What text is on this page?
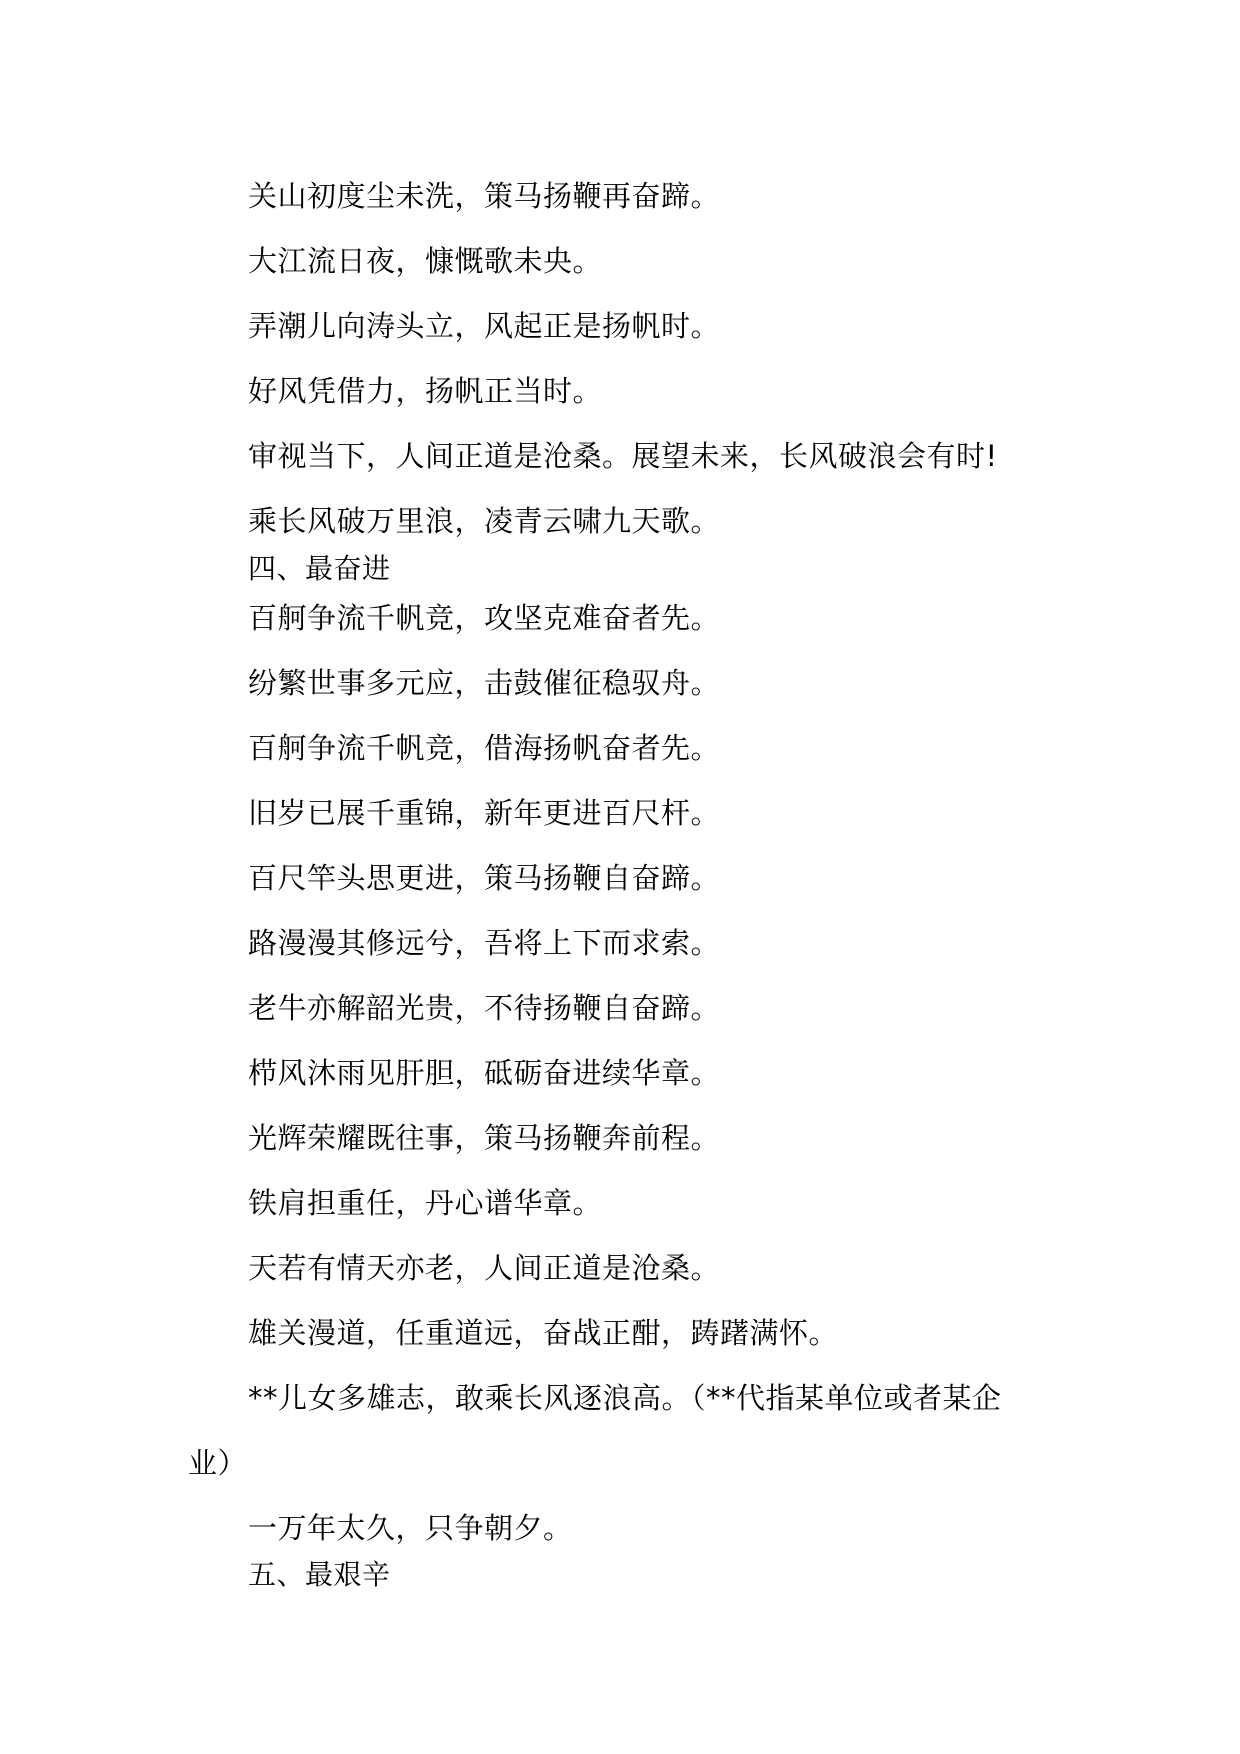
关山初度尘未洗，策马扬鞭再奋蹄。
大江流日夜，慷慨歌未央。
弄潮儿向涛头立，风起正是扬帆时。
好风凭借力，扬帆正当时。
审视当下，人间正道是沧桑。展望未来，长风破浪会有时!
乘长风破万里浪，凌青云啸九天歌。
四、最奋进
百舸争流千帆竞，攻坚克难奋者先。
纷繁世事多元应，击鼓催征稳驭舟。
百舸争流千帆竞，借海扬帆奋者先。
旧岁已展千重锦，新年更进百尺杆。
百尺竿头思更进，策马扬鞭自奋蹄。
路漫漫其修远兮，吾将上下而求索。
老牛亦解韶光贵，不待扬鞭自奋蹄。
栉风沐雨见肝胆，砥砺奋进续华章。
光辉荣耀既往事，策马扬鞭奔前程。
铁肩担重任，丹心谱华章。
天若有情天亦老，人间正道是沧桑。
雄关漫道，任重道远，奋战正酣，踌躇满怀。
**儿女多雄志，敢乘长风逐浪高。（**代指某单位或者某企
业）
一万年太久，只争朝夕。
五、最艰辛
